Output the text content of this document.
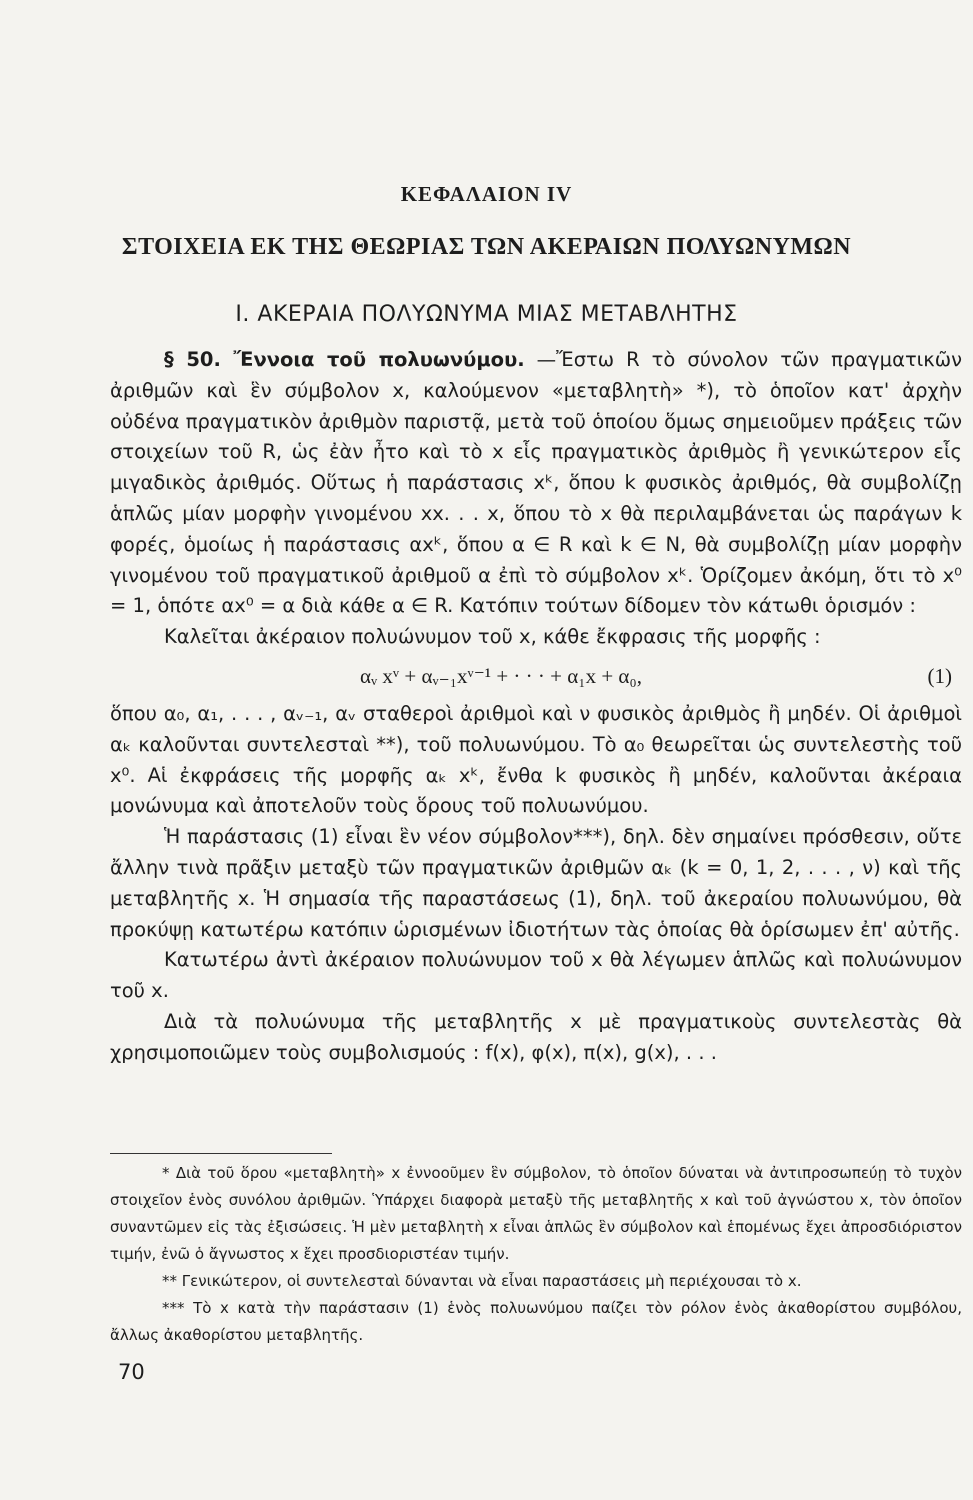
ΚΕΦΑΛΑΙΟΝ IV
ΣΤΟΙΧΕΙΑ ΕΚ ΤΗΣ ΘΕΩΡΙΑΣ ΤΩΝ ΑΚΕΡΑΙΩΝ ΠΟΛΥΩΝΥΜΩΝ
I. ΑΚΕΡΑΙΑ ΠΟΛΥΩΝΥΜΑ ΜΙΑΣ ΜΕΤΑΒΛΗΤΗΣ

§ 50. Ἔννοια τοῦ πολυωνύμου. —Ἔστω R τὸ σύνολον τῶν πραγματικῶν ἀριθμῶν καὶ ἓν σύμβολον x, καλούμενον «μεταβλητὴ» *), τὸ ὁποῖον κατ' ἀρχὴν οὐδένα πραγματικὸν ἀριθμὸν παριστᾷ, μετὰ τοῦ ὁποίου ὅμως σημειοῦμεν πράξεις τῶν στοιχείων τοῦ R, ὡς ἐὰν ἦτο καὶ τὸ x εἷς πραγματικὸς ἀριθμὸς ἢ γενικώτερον εἷς μιγαδικὸς ἀριθμός. Οὕτως ἡ παράστασις xᵏ, ὅπου k φυσικὸς ἀριθμός, θὰ συμβολίζῃ ἁπλῶς μίαν μορφὴν γινομένου xx. . . x, ὅπου τὸ x θὰ περιλαμβάνεται ὡς παράγων k φορές, ὁμοίως ἡ παράστασις αxᵏ, ὅπου α ∈ R καὶ k ∈ N, θὰ συμβολίζῃ μίαν μορφὴν γινομένου τοῦ πραγματικοῦ ἀριθμοῦ α ἐπὶ τὸ σύμβολον xᵏ. Ὁρίζομεν ἀκόμη, ὅτι τὸ x⁰ = 1, ὁπότε αx⁰ = α διὰ κάθε α ∈ R. Κατόπιν τούτων δίδομεν τὸν κάτωθι ὁρισμόν :

Καλεῖται ἀκέραιον πολυώνυμον τοῦ x, κάθε ἔκφρασις τῆς μορφῆς :

αᵥ xᵛ + αᵥ₋₁xᵛ⁻¹ + · · · + α₁x + α₀,	(1)

ὅπου α₀, α₁, . . . , αᵥ₋₁, αᵥ σταθεροὶ ἀριθμοὶ καὶ ν φυσικὸς ἀριθμὸς ἢ μηδέν. Οἱ ἀριθμοὶ αₖ καλοῦνται συντελεσταὶ **), τοῦ πολυωνύμου. Τὸ α₀ θεωρεῖται ὡς συντελεστὴς τοῦ x⁰. Αἱ ἐκφράσεις τῆς μορφῆς αₖ xᵏ, ἔνθα k φυσικὸς ἢ μηδέν, καλοῦνται ἀκέραια μονώνυμα καὶ ἀποτελοῦν τοὺς ὅρους τοῦ πολυωνύμου.

Ἡ παράστασις (1) εἶναι ἓν νέον σύμβολον***), δηλ. δὲν σημαίνει πρόσθεσιν, οὔτε ἄλλην τινὰ πρᾶξιν μεταξὺ τῶν πραγματικῶν ἀριθμῶν αₖ (k = 0, 1, 2, . . . , ν) καὶ τῆς μεταβλητῆς x. Ἡ σημασία τῆς παραστάσεως (1), δηλ. τοῦ ἀκεραίου πολυωνύμου, θὰ προκύψῃ κατωτέρω κατόπιν ὡρισμένων ἰδιοτήτων τὰς ὁποίας θὰ ὁρίσωμεν ἐπ' αὐτῆς.

Κατωτέρω ἀντὶ ἀκέραιον πολυώνυμον τοῦ x θὰ λέγωμεν ἁπλῶς καὶ πολυώνυμον τοῦ x.

Διὰ τὰ πολυώνυμα τῆς μεταβλητῆς x μὲ πραγματικοὺς συντελεστὰς θὰ χρησιμοποιῶμεν τοὺς συμβολισμούς : f(x), φ(x), π(x), g(x), . . .

* Διὰ τοῦ ὅρου «μεταβλητὴ» x ἐννοοῦμεν ἓν σύμβολον, τὸ ὁποῖον δύναται νὰ ἀντιπροσωπεύῃ τὸ τυχὸν στοιχεῖον ἑνὸς συνόλου ἀριθμῶν. Ὑπάρχει διαφορὰ μεταξὺ τῆς μεταβλητῆς x καὶ τοῦ ἀγνώστου x, τὸν ὁποῖον συναντῶμεν εἰς τὰς ἐξισώσεις. Ἡ μὲν μεταβλητὴ x εἶναι ἁπλῶς ἓν σύμβολον καὶ ἑπομένως ἔχει ἀπροσδιόριστον τιμήν, ἐνῶ ὁ ἄγνωστος x ἔχει προσδιοριστέαν τιμήν.

** Γενικώτερον, οἱ συντελεσταὶ δύνανται νὰ εἶναι παραστάσεις μὴ περιέχουσαι τὸ x.

*** Τὸ x κατὰ τὴν παράστασιν (1) ἑνὸς πολυωνύμου παίζει τὸν ρόλον ἑνὸς ἀκαθορίστου συμβόλου, ἄλλως ἀκαθορίστου μεταβλητῆς.

70
